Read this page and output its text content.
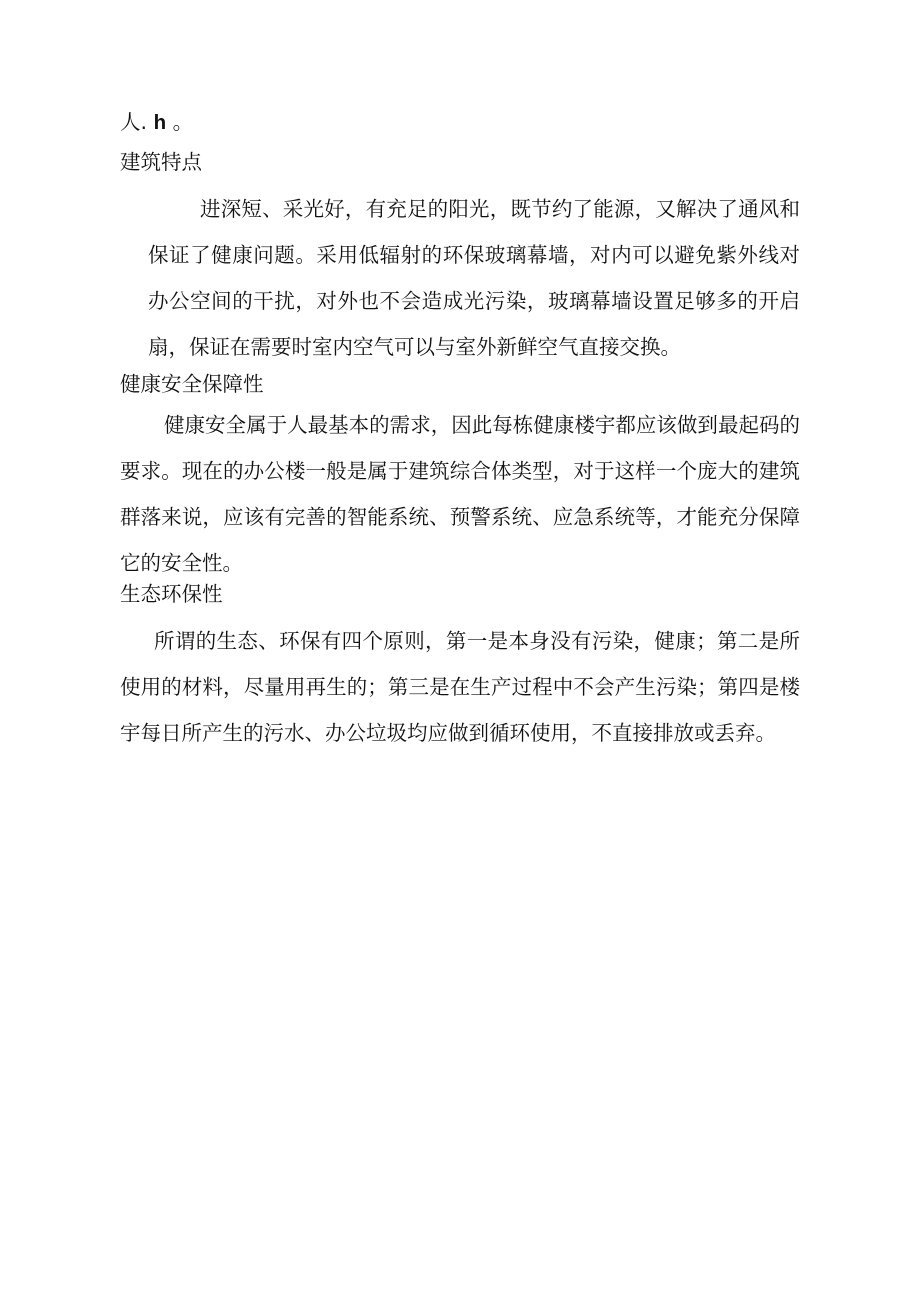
人. h 。
建筑特点

进深短、采光好，有充足的阳光，既节约了能源，又解决了通风和保证了健康问题。采用低辐射的环保玻璃幕墙，对内可以避免紫外线对办公空间的干扰，对外也不会造成光污染，玻璃幕墙设置足够多的开启扇，保证在需要时室内空气可以与室外新鲜空气直接交换。

健康安全保障性

健康安全属于人最基本的需求，因此每栋健康楼宇都应该做到最起码的要求。现在的办公楼一般是属于建筑综合体类型，对于这样一个庞大的建筑群落来说，应该有完善的智能系统、预警系统、应急系统等，才能充分保障它的安全性。

生态环保性

所谓的生态、环保有四个原则，第一是本身没有污染，健康；第二是所使用的材料，尽量用再生的；第三是在生产过程中不会产生污染；第四是楼宇每日所产生的污水、办公垃圾均应做到循环使用，不直接排放或丢弃。
